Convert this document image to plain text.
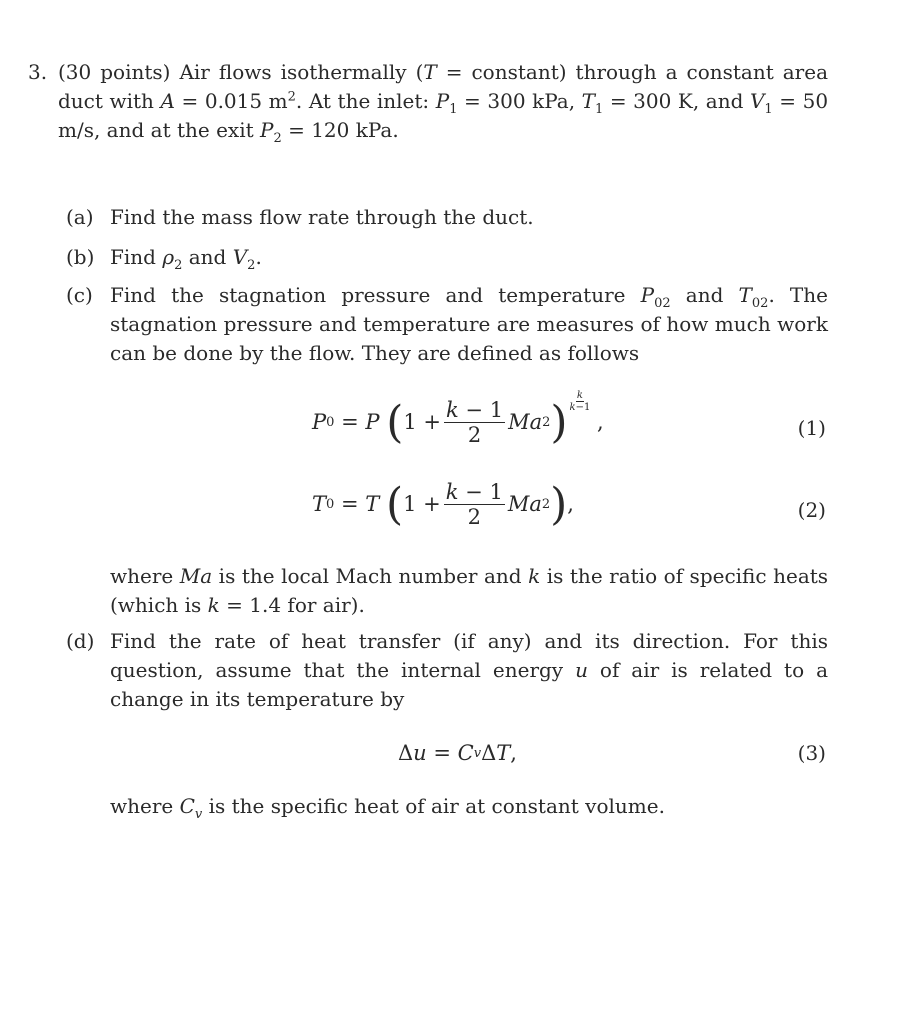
3. (30 points) Air flows isothermally (T = constant) through a constant area duct with A = 0.015 $m^2$. At the inlet: $P_1 = 300$ kPa, $T_1 = 300$ K, and $V_1 = 50$ m/s, and at the exit $P_2 = 120$ kPa.
(a) Find the mass flow rate through the duct.
(b) Find $\rho_2$ and $V_2$.
(c) Find the stagnation pressure and temperature $P_{02}$ and $T_{02}$. The stagnation pressure and temperature are measures of how much work can be done by the flow. They are defined as follows
P 0 = P
( $1 + \frac{k - 1}{2}$ Ma 2 )
k
k−1
,	(1)
T 0 = T
( $1 + \frac{k - 1}{2}$ Ma 2 ) ,	(2)
where Ma is the local Mach number and k is the ratio of specific heats (which is k = 1.4 for air).
(d) Find the rate of heat transfer (if any) and its direction. For this question, assume that the internal energy u of air is related to a change in its temperature by
Δ u = C v Δ T ,	(3)
where $C_v$ is the specific heat of air at constant volume.
